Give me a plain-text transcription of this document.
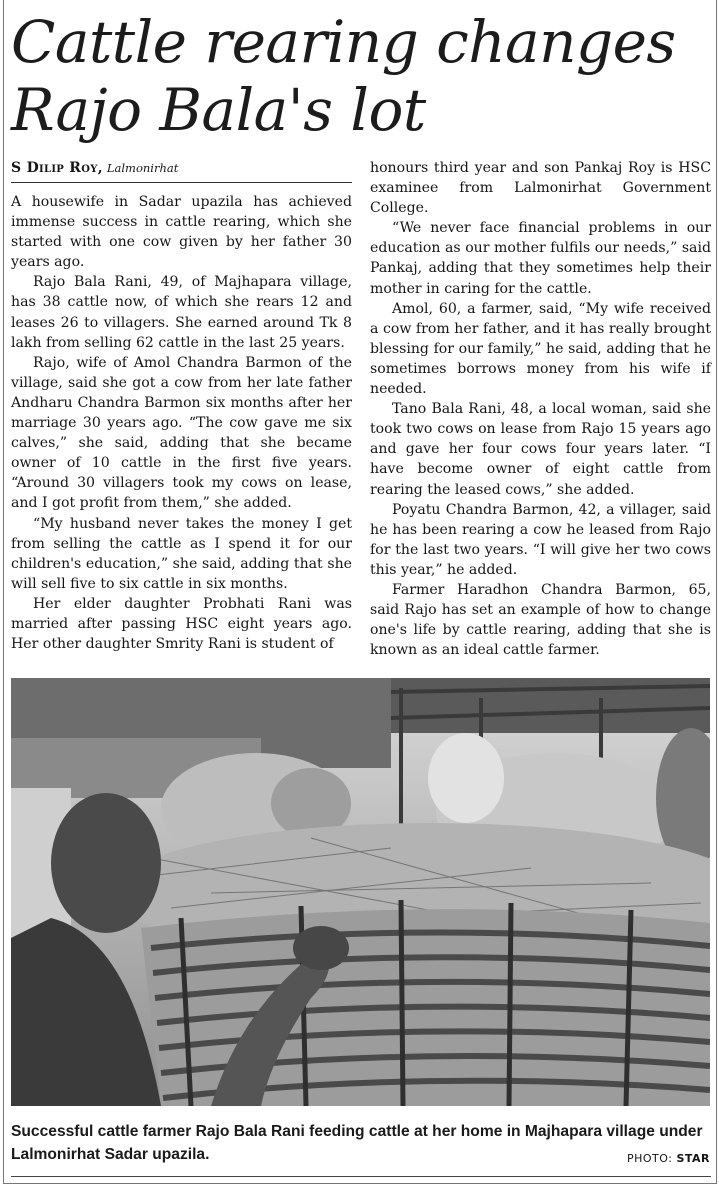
Cattle rearing changes Rajo Bala's lot
S Dilip Roy, Lalmonirhat

A housewife in Sadar upazila has achieved immense success in cattle rearing, which she started with one cow given by her father 30 years ago.

Rajo Bala Rani, 49, of Majhapara village, has 38 cattle now, of which she rears 12 and leases 26 to villagers. She earned around Tk 8 lakh from selling 62 cattle in the last 25 years.

Rajo, wife of Amol Chandra Barmon of the village, said she got a cow from her late father Andharu Chandra Barmon six months after her marriage 30 years ago. “The cow gave me six calves,” she said, adding that she became owner of 10 cattle in the first five years. “Around 30 villagers took my cows on lease, and I got profit from them,” she added.

“My husband never takes the money I get from selling the cattle as I spend it for our children's education,” she said, adding that she will sell five to six cattle in six months.

Her elder daughter Probhati Rani was married after passing HSC eight years ago. Her other daughter Smrity Rani is student of

honours third year and son Pankaj Roy is HSC examinee from Lalmonirhat Government College.

“We never face financial problems in our education as our mother fulfils our needs,” said Pankaj, adding that they sometimes help their mother in caring for the cattle.

Amol, 60, a farmer, said, “My wife received a cow from her father, and it has really brought blessing for our family,” he said, adding that he sometimes borrows money from his wife if needed.

Tano Bala Rani, 48, a local woman, said she took two cows on lease from Rajo 15 years ago and gave her four cows four years later. “I have become owner of eight cattle from rearing the leased cows,” she added.

Poyatu Chandra Barmon, 42, a villager, said he has been rearing a cow he leased from Rajo for the last two years. “I will give her two cows this year,” he added.

Farmer Haradhon Chandra Barmon, 65, said Rajo has set an example of how to change one's life by cattle rearing, adding that she is known as an ideal cattle farmer.

Successful cattle farmer Rajo Bala Rani feeding cattle at her home in Majhapara village under Lalmonirhat Sadar upazila.	PHOTO: STAR
